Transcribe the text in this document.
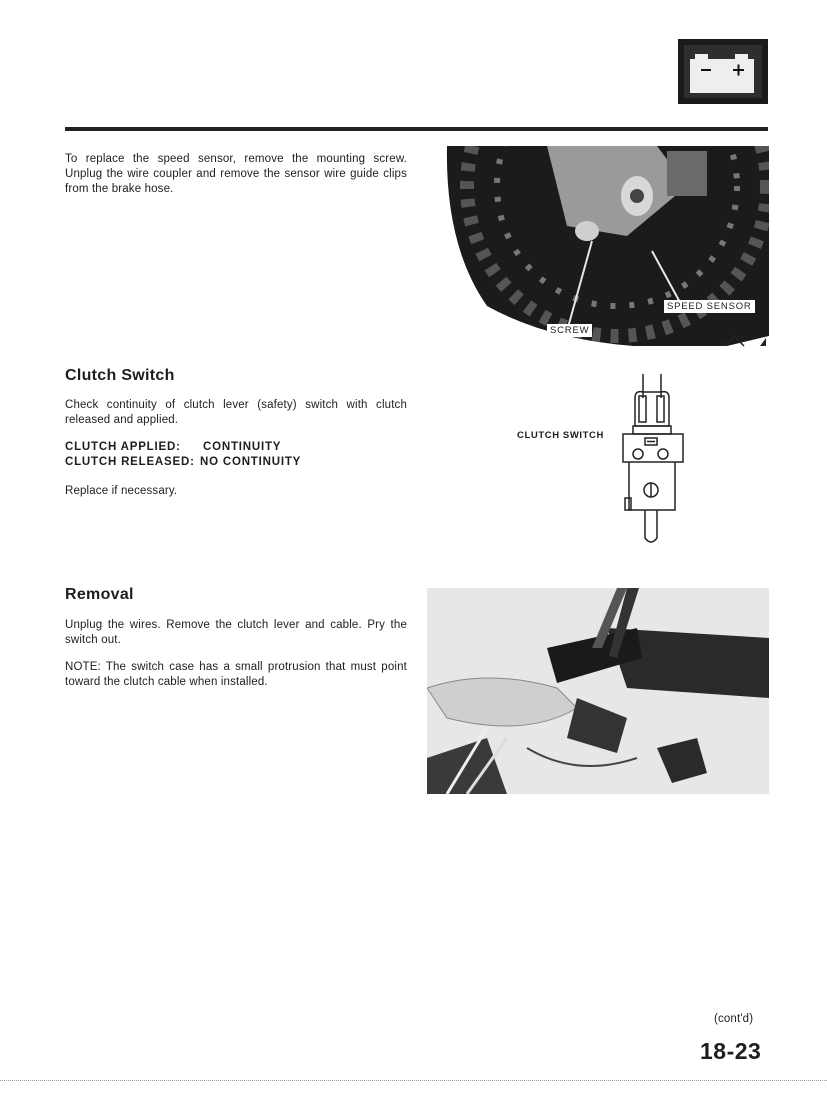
To replace the speed sensor, remove the mounting screw. Unplug the wire coupler and remove the sensor wire guide clips from the brake hose.
SPEED SENSOR
SCREW
Clutch Switch
Check continuity of clutch lever (safety) switch with clutch released and applied.
CLUTCH APPLIED: CONTINUITY
CLUTCH RELEASED: NO CONTINUITY
Replace if necessary.
CLUTCH SWITCH
Removal
Unplug the wires. Remove the clutch lever and cable. Pry the switch out.
NOTE: The switch case has a small protrusion that must point toward the clutch cable when installed.
(cont'd)
18-23
